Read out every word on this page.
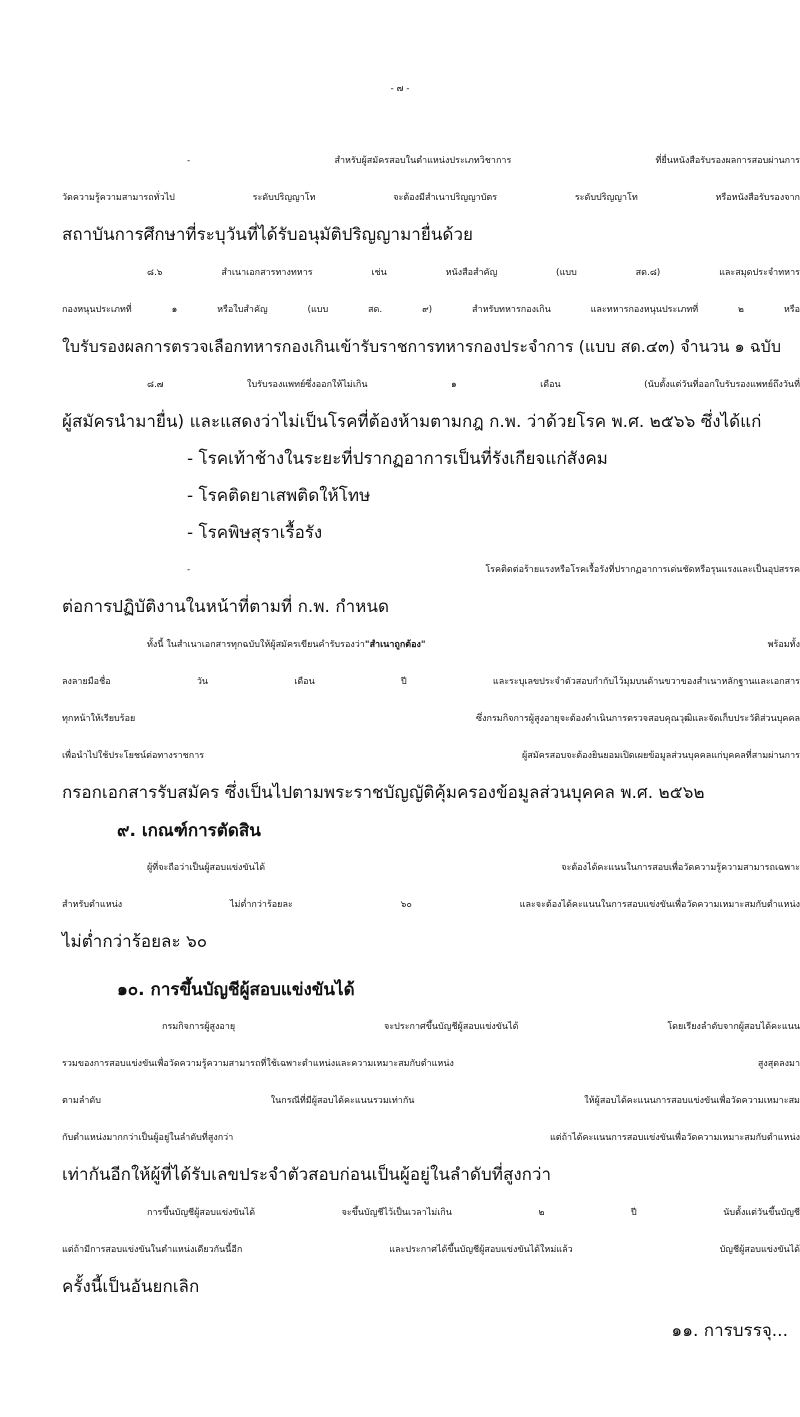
- ๗ -
- สำหรับผู้สมัครสอบในตำแหน่งประเภทวิชาการ ที่ยื่นหนังสือรับรองผลการสอบผ่านการ
วัดความรู้ความสามารถทั่วไป ระดับปริญญาโท จะต้องมีสำเนาปริญญาบัตร ระดับปริญญาโท หรือหนังสือรับรองจาก
สถาบันการศึกษาที่ระบุวันที่ได้รับอนุมัติปริญญามายื่นด้วย
๘.๖ สำเนาเอกสารทางทหาร เช่น หนังสือสำคัญ (แบบ สด.๘) และสมุดประจำทหาร
กองหนุนประเภทที่ ๑ หรือใบสำคัญ (แบบ สด. ๙) สำหรับทหารกองเกิน และทหารกองหนุนประเภทที่ ๒ หรือ
ใบรับรองผลการตรวจเลือกทหารกองเกินเข้ารับราชการทหารกองประจำการ (แบบ สด.๔๓) จำนวน ๑ ฉบับ
๘.๗ ใบรับรองแพทย์ซึ่งออกให้ไม่เกิน ๑ เดือน (นับตั้งแต่วันที่ออกใบรับรองแพทย์ถึงวันที่
ผู้สมัครนำมายื่น) และแสดงว่าไม่เป็นโรคที่ต้องห้ามตามกฎ ก.พ. ว่าด้วยโรค พ.ศ. ๒๕๖๖ ซึ่งได้แก่
- โรคเท้าช้างในระยะที่ปรากฏอาการเป็นที่รังเกียจแก่สังคม
- โรคติดยาเสพติดให้โทษ
- โรคพิษสุราเรื้อรัง
- โรคติดต่อร้ายแรงหรือโรคเรื้อรังที่ปรากฏอาการเด่นชัดหรือรุนแรงและเป็นอุปสรรค
ต่อการปฏิบัติงานในหน้าที่ตามที่ ก.พ. กำหนด
ทั้งนี้ ในสำเนาเอกสารทุกฉบับให้ผู้สมัครเขียนคำรับรองว่า "สำเนาถูกต้อง"	พร้อมทั้ง
ลงลายมือชื่อ วัน เดือน ปี และระบุเลขประจำตัวสอบกำกับไว้มุมบนด้านขวาของสำเนาหลักฐานและเอกสาร
ทุกหน้าให้เรียบร้อย ซึ่งกรมกิจการผู้สูงอายุจะต้องดำเนินการตรวจสอบคุณวุฒิและจัดเก็บประวัติส่วนบุคคล
เพื่อนำไปใช้ประโยชน์ต่อทางราชการ ผู้สมัครสอบจะต้องยินยอมเปิดเผยข้อมูลส่วนบุคคลแก่บุคคลที่สามผ่านการ
กรอกเอกสารรับสมัคร ซึ่งเป็นไปตามพระราชบัญญัติคุ้มครองข้อมูลส่วนบุคคล พ.ศ. ๒๕๖๒
๙. เกณฑ์การตัดสิน
ผู้ที่จะถือว่าเป็นผู้สอบแข่งขันได้ จะต้องได้คะแนนในการสอบเพื่อวัดความรู้ความสามารถเฉพาะ
สำหรับตำแหน่ง ไม่ต่ำกว่าร้อยละ ๖๐ และจะต้องได้คะแนนในการสอบแข่งขันเพื่อวัดความเหมาะสมกับตำแหน่ง
ไม่ต่ำกว่าร้อยละ ๖๐
๑๐. การขึ้นบัญชีผู้สอบแข่งขันได้
กรมกิจการผู้สูงอายุ จะประกาศขึ้นบัญชีผู้สอบแข่งขันได้ โดยเรียงลำดับจากผู้สอบได้คะแนน
รวมของการสอบแข่งขันเพื่อวัดความรู้ความสามารถที่ใช้เฉพาะตำแหน่งและความเหมาะสมกับตำแหน่ง สูงสุดลงมา
ตามลำดับ ในกรณีที่มีผู้สอบได้คะแนนรวมเท่ากัน ให้ผู้สอบได้คะแนนการสอบแข่งขันเพื่อวัดความเหมาะสม
กับตำแหน่งมากกว่าเป็นผู้อยู่ในลำดับที่สูงกว่า แต่ถ้าได้คะแนนการสอบแข่งขันเพื่อวัดความเหมาะสมกับตำแหน่ง
เท่ากันอีกให้ผู้ที่ได้รับเลขประจำตัวสอบก่อนเป็นผู้อยู่ในลำดับที่สูงกว่า
การขึ้นบัญชีผู้สอบแข่งขันได้ จะขึ้นบัญชีไว้เป็นเวลาไม่เกิน ๒ ปี นับตั้งแต่วันขึ้นบัญชี
แต่ถ้ามีการสอบแข่งขันในตำแหน่งเดียวกันนี้อีก และประกาศได้ขึ้นบัญชีผู้สอบแข่งขันได้ใหม่แล้ว บัญชีผู้สอบแข่งขันได้
ครั้งนี้เป็นอันยกเลิก
๑๑. การบรรจุ...
